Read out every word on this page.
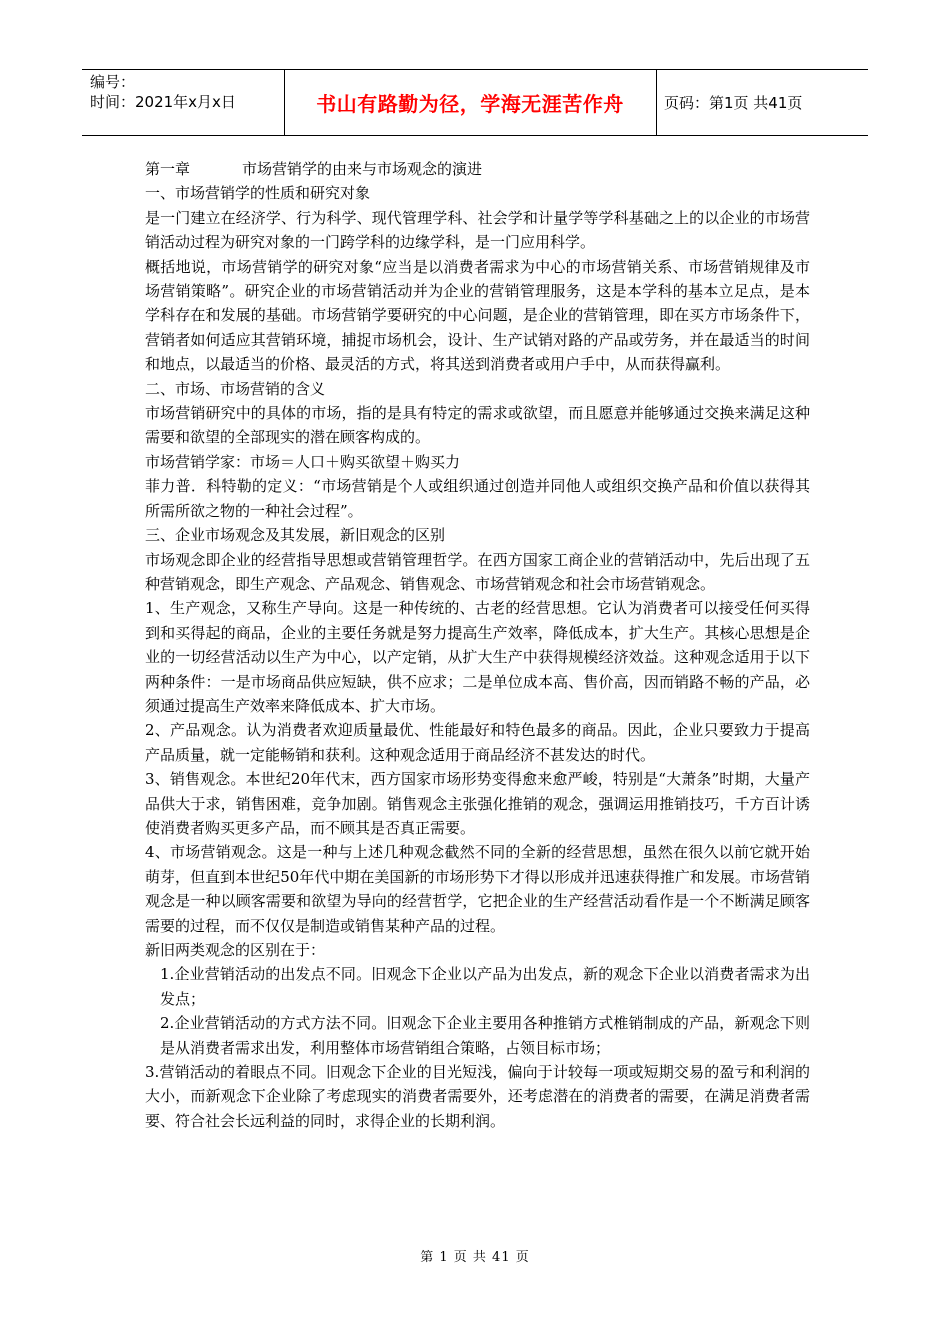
编号：
时间：2021年x月x日	书山有路勤为径，学海无涯苦作舟	页码：第1页 共41页

第一章	市场营销学的由来与市场观念的演进

一、市场营销学的性质和研究对象

是一门建立在经济学、行为科学、现代管理学科、社会学和计量学等学科基础之上的以企业的市场营销活动过程为研究对象的一门跨学科的边缘学科，是一门应用科学。

概括地说，市场营销学的研究对象“应当是以消费者需求为中心的市场营销关系、市场营销规律及市场营销策略”。研究企业的市场营销活动并为企业的营销管理服务，这是本学科的基本立足点，是本学科存在和发展的基础。市场营销学要研究的中心问题，是企业的营销管理，即在买方市场条件下，营销者如何适应其营销环境，捕捉市场机会，设计、生产试销对路的产品或劳务，并在最适当的时间和地点，以最适当的价格、最灵活的方式，将其送到消费者或用户手中，从而获得赢利。

二、市场、市场营销的含义

市场营销研究中的具体的市场，指的是具有特定的需求或欲望，而且愿意并能够通过交换来满足这种需要和欲望的全部现实的潜在顾客构成的。

市场营销学家：市场＝人口＋购买欲望＋购买力

菲力普．科特勒的定义：“市场营销是个人或组织通过创造并同他人或组织交换产品和价值以获得其所需所欲之物的一种社会过程”。

三、企业市场观念及其发展，新旧观念的区别

市场观念即企业的经营指导思想或营销管理哲学。在西方国家工商企业的营销活动中，先后出现了五种营销观念，即生产观念、产品观念、销售观念、市场营销观念和社会市场营销观念。

1、生产观念，又称生产导向。这是一种传统的、古老的经营思想。它认为消费者可以接受任何买得到和买得起的商品，企业的主要任务就是努力提高生产效率，降低成本，扩大生产。其核心思想是企业的一切经营活动以生产为中心，以产定销，从扩大生产中获得规模经济效益。这种观念适用于以下两种条件：一是市场商品供应短缺，供不应求；二是单位成本高、售价高，因而销路不畅的产品，必须通过提高生产效率来降低成本、扩大市场。

2、产品观念。认为消费者欢迎质量最优、性能最好和特色最多的商品。因此，企业只要致力于提高产品质量，就一定能畅销和获利。这种观念适用于商品经济不甚发达的时代。

3、销售观念。本世纪20年代末，西方国家市场形势变得愈来愈严峻，特别是“大萧条”时期，大量产品供大于求，销售困难，竞争加剧。销售观念主张强化推销的观念，强调运用推销技巧，千方百计诱使消费者购买更多产品，而不顾其是否真正需要。

4、市场营销观念。这是一种与上述几种观念截然不同的全新的经营思想，虽然在很久以前它就开始萌芽，但直到本世纪50年代中期在美国新的市场形势下才得以形成并迅速获得推广和发展。市场营销观念是一种以顾客需要和欲望为导向的经营哲学，它把企业的生产经营活动看作是一个不断满足顾客需要的过程，而不仅仅是制造或销售某种产品的过程。

新旧两类观念的区别在于：

1.企业营销活动的出发点不同。旧观念下企业以产品为出发点，新的观念下企业以消费者需求为出发点；

2.企业营销活动的方式方法不同。旧观念下企业主要用各种推销方式椎销制成的产品，新观念下则是从消费者需求出发，利用整体市场营销组合策略，占领目标市场；

3.营销活动的着眼点不同。旧观念下企业的目光短浅，偏向于计较每一项或短期交易的盈亏和利润的大小，而新观念下企业除了考虑现实的消费者需要外，还考虑潜在的消费者的需要，在满足消费者需要、符合社会长远利益的同时，求得企业的长期利润。

第 1 页 共 41 页
